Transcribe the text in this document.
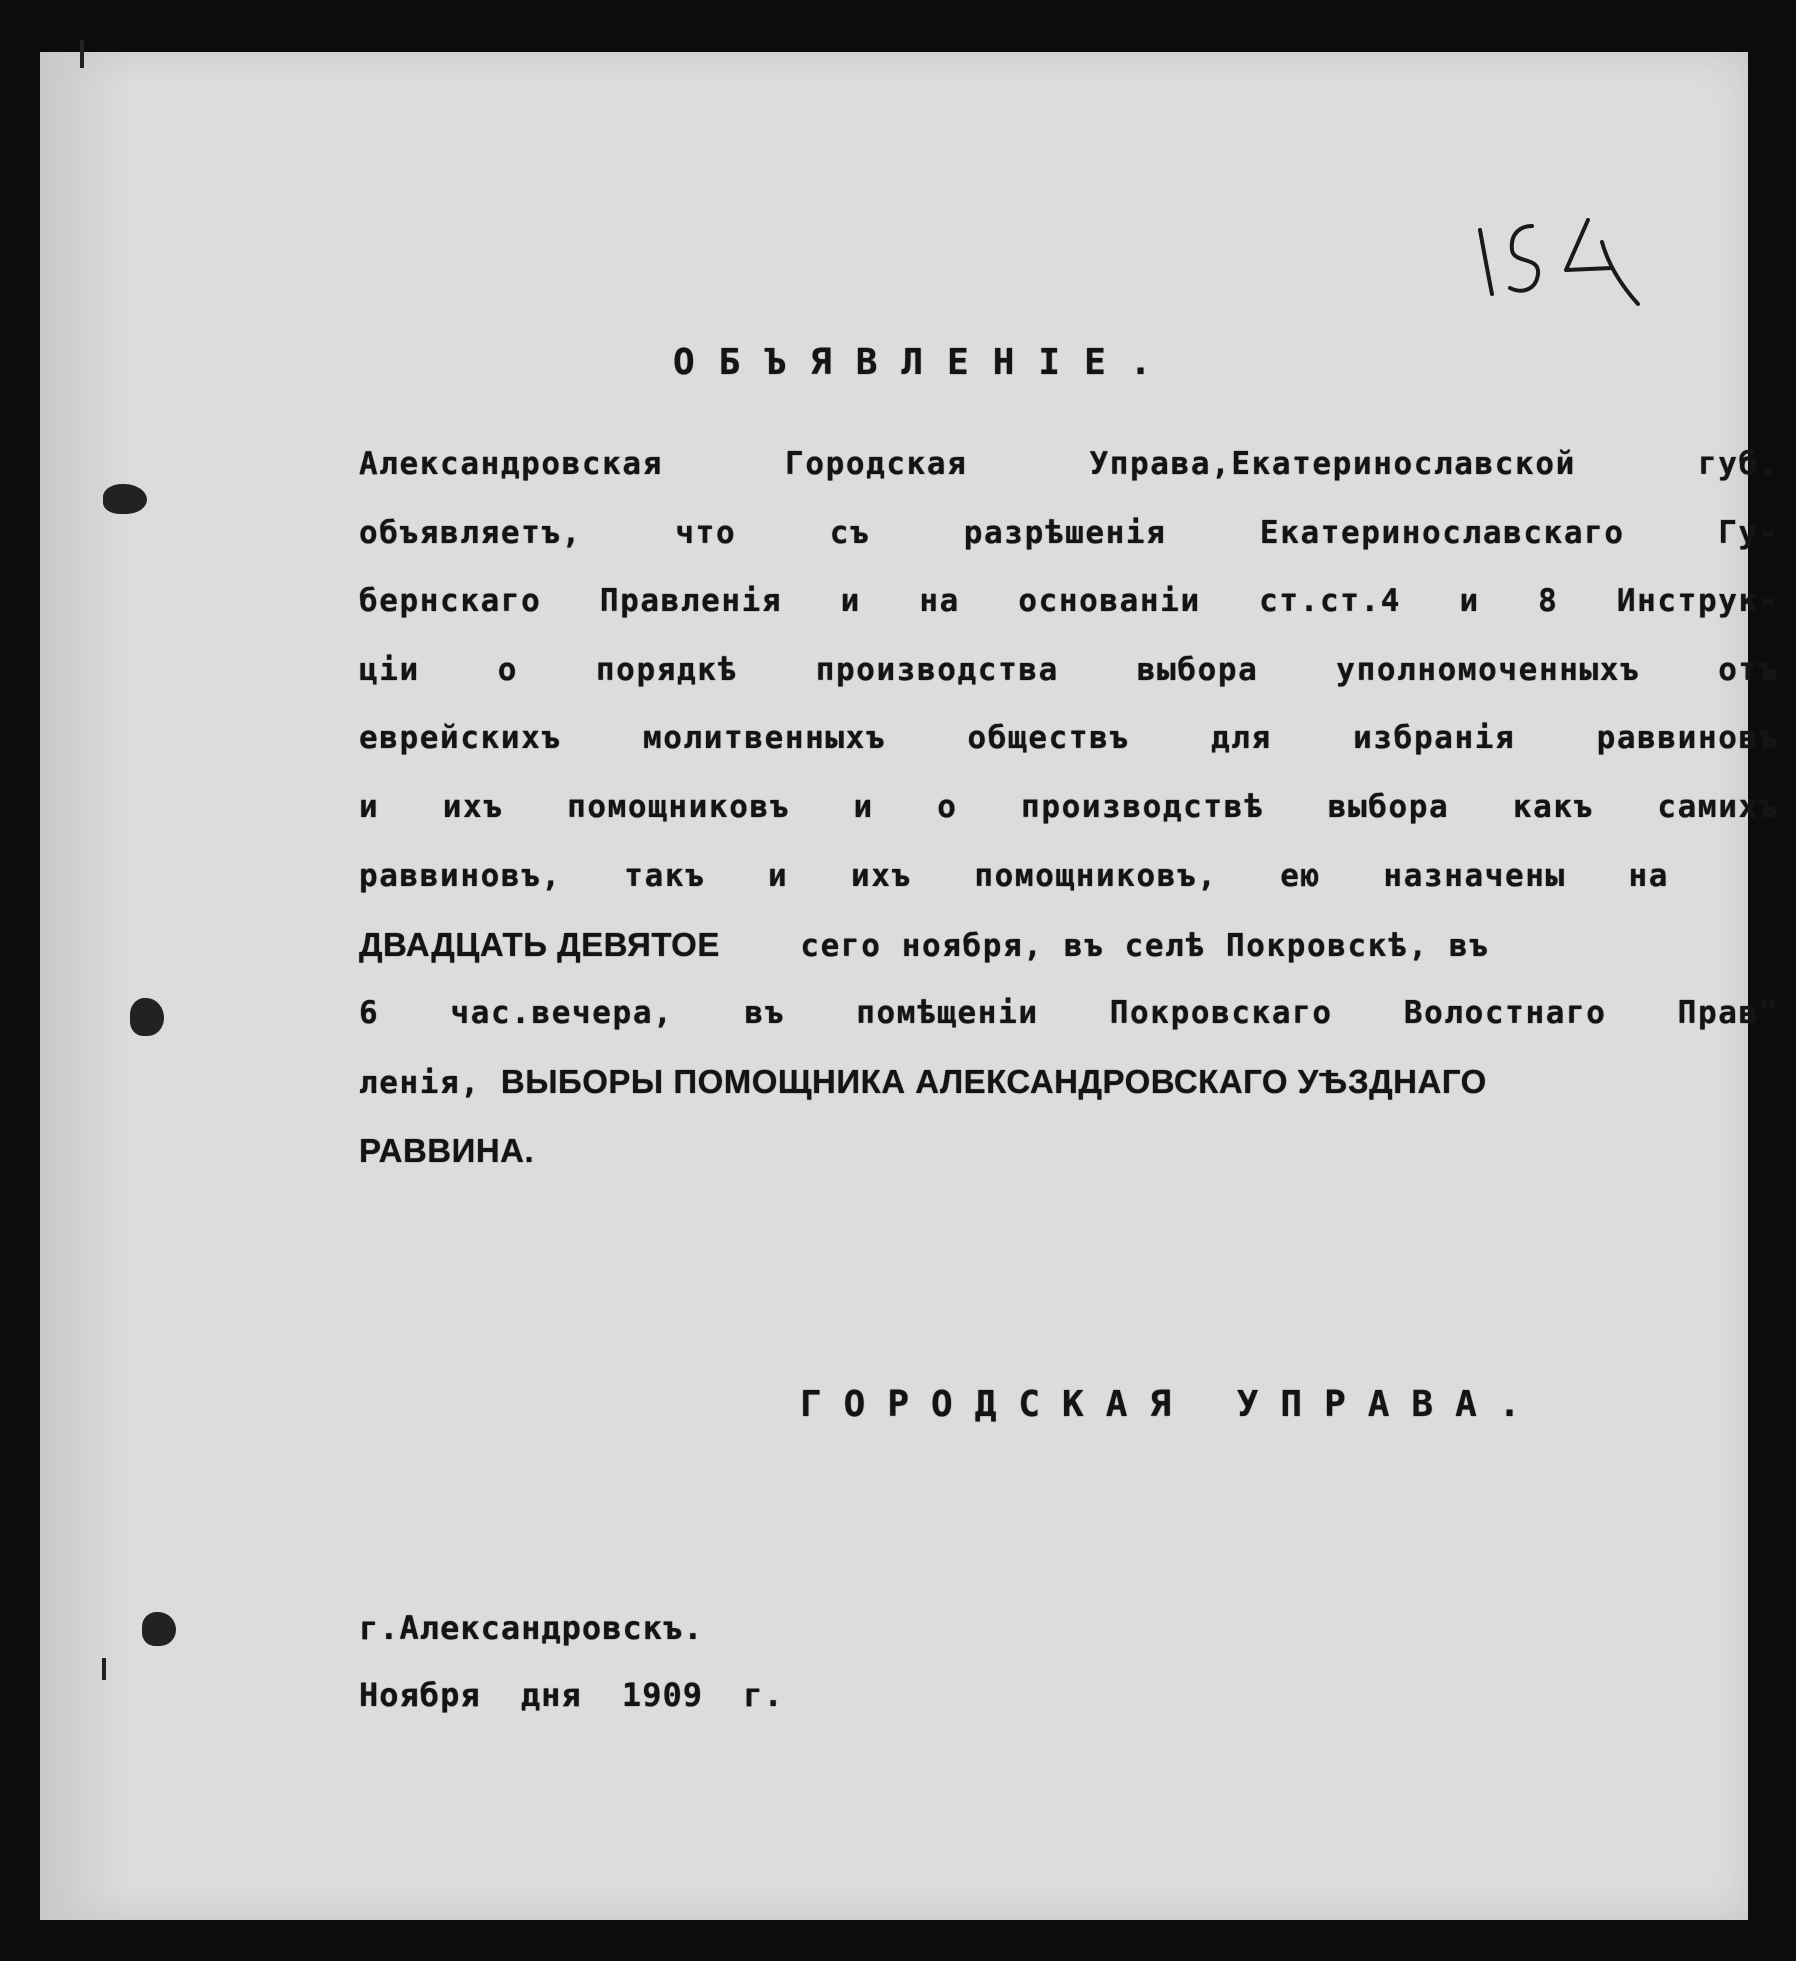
ОБЪЯВЛЕНІЕ.
Александровская Городская Управа,Екатеринославской губ.
объявляетъ, что съ разрѣшенія Екатеринославскаго Гу-
бернскаго Правленія и на основаніи ст.ст.4 и 8 Инструк-
ціи о порядкѣ производства выбора уполномоченныхъ отъ
еврейскихъ молитвенныхъ обществъ для избранія раввиновъ
и ихъ помощниковъ и о производствѣ выбора какъ самихъ
раввиновъ, такъ и ихъ помощниковъ, ею назначены на
ДВАДЦАТЬ ДЕВЯТОЕ	сего ноября, въ селѣ Покровскѣ, въ
6 час.вечера, въ помѣщеніи Покровскаго Волостнаго Прав"
ленія, ВЫБОРЫ ПОМОЩНИКА АЛЕКСАНДРОВСКАГО УѢЗДНАГО
РАВВИНА.
ГОРОДСКАЯ УПРАВА.
г.Александровскъ.
Ноября дня 1909 г.
